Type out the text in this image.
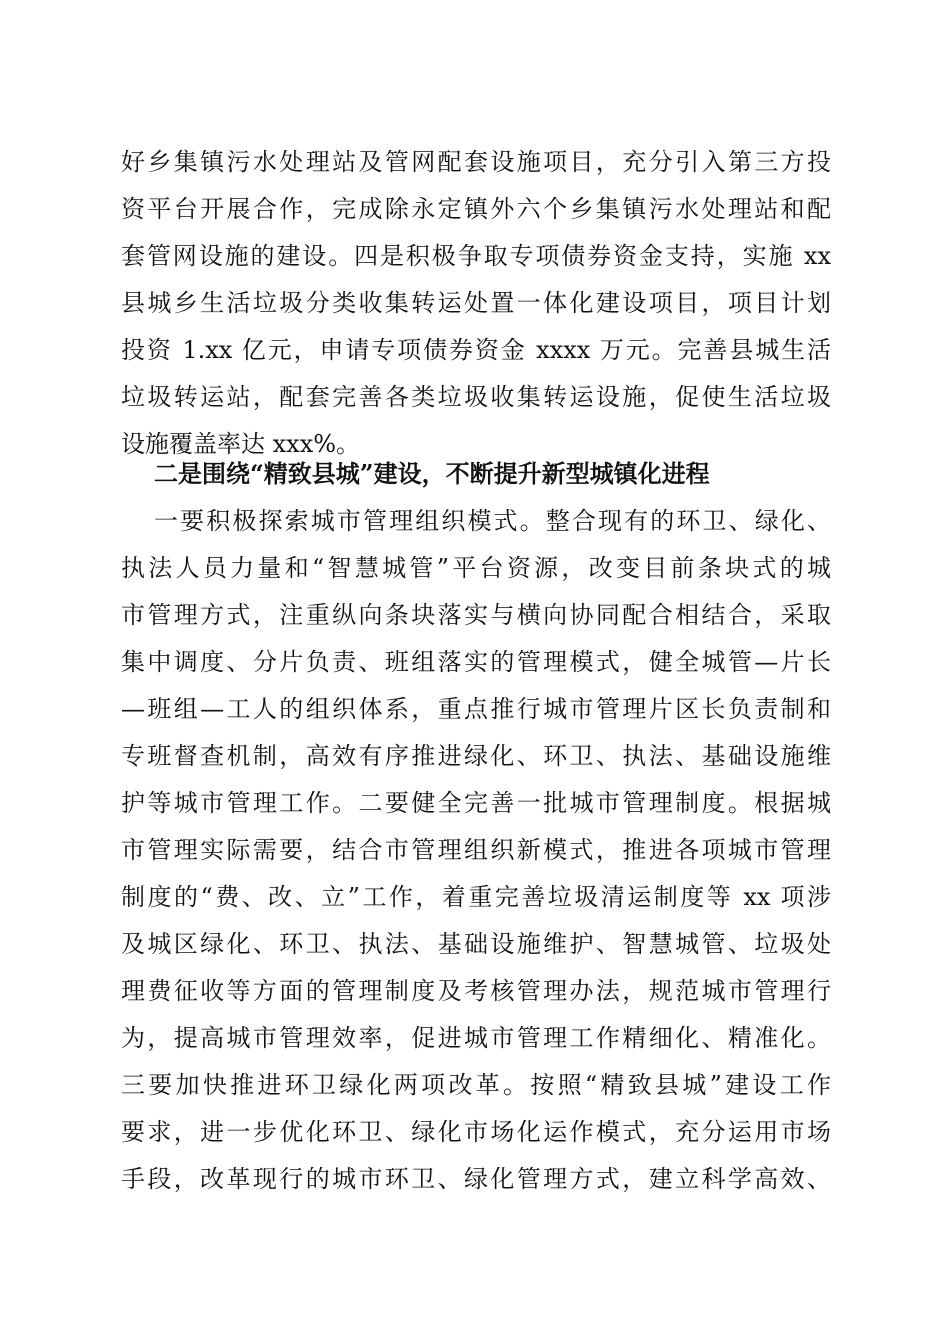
好乡集镇污水处理站及管网配套设施项目，充分引入第三方投
资平台开展合作，完成除永定镇外六个乡集镇污水处理站和配
套管网设施的建设。四是积极争取专项债券资金支持，实施 xx
县城乡生活垃圾分类收集转运处置一体化建设项目，项目计划
投资 1.xx 亿元，申请专项债券资金 xxxx 万元。完善县城生活
垃圾转运站，配套完善各类垃圾收集转运设施，促使生活垃圾
设施覆盖率达 xxx%。
二是围绕“精致县城”建设，不断提升新型城镇化进程
一要积极探索城市管理组织模式。整合现有的环卫、绿化、
执法人员力量和“智慧城管”平台资源，改变目前条块式的城
市管理方式，注重纵向条块落实与横向协同配合相结合，采取
集中调度、分片负责、班组落实的管理模式，健全城管—片长
—班组—工人的组织体系，重点推行城市管理片区长负责制和
专班督查机制，高效有序推进绿化、环卫、执法、基础设施维
护等城市管理工作。二要健全完善一批城市管理制度。根据城
市管理实际需要，结合市管理组织新模式，推进各项城市管理
制度的“费、改、立”工作，着重完善垃圾清运制度等 xx 项涉
及城区绿化、环卫、执法、基础设施维护、智慧城管、垃圾处
理费征收等方面的管理制度及考核管理办法，规范城市管理行
为，提高城市管理效率，促进城市管理工作精细化、精准化。
三要加快推进环卫绿化两项改革。按照“精致县城”建设工作
要求，进一步优化环卫、绿化市场化运作模式，充分运用市场
手段，改革现行的城市环卫、绿化管理方式，建立科学高效、
